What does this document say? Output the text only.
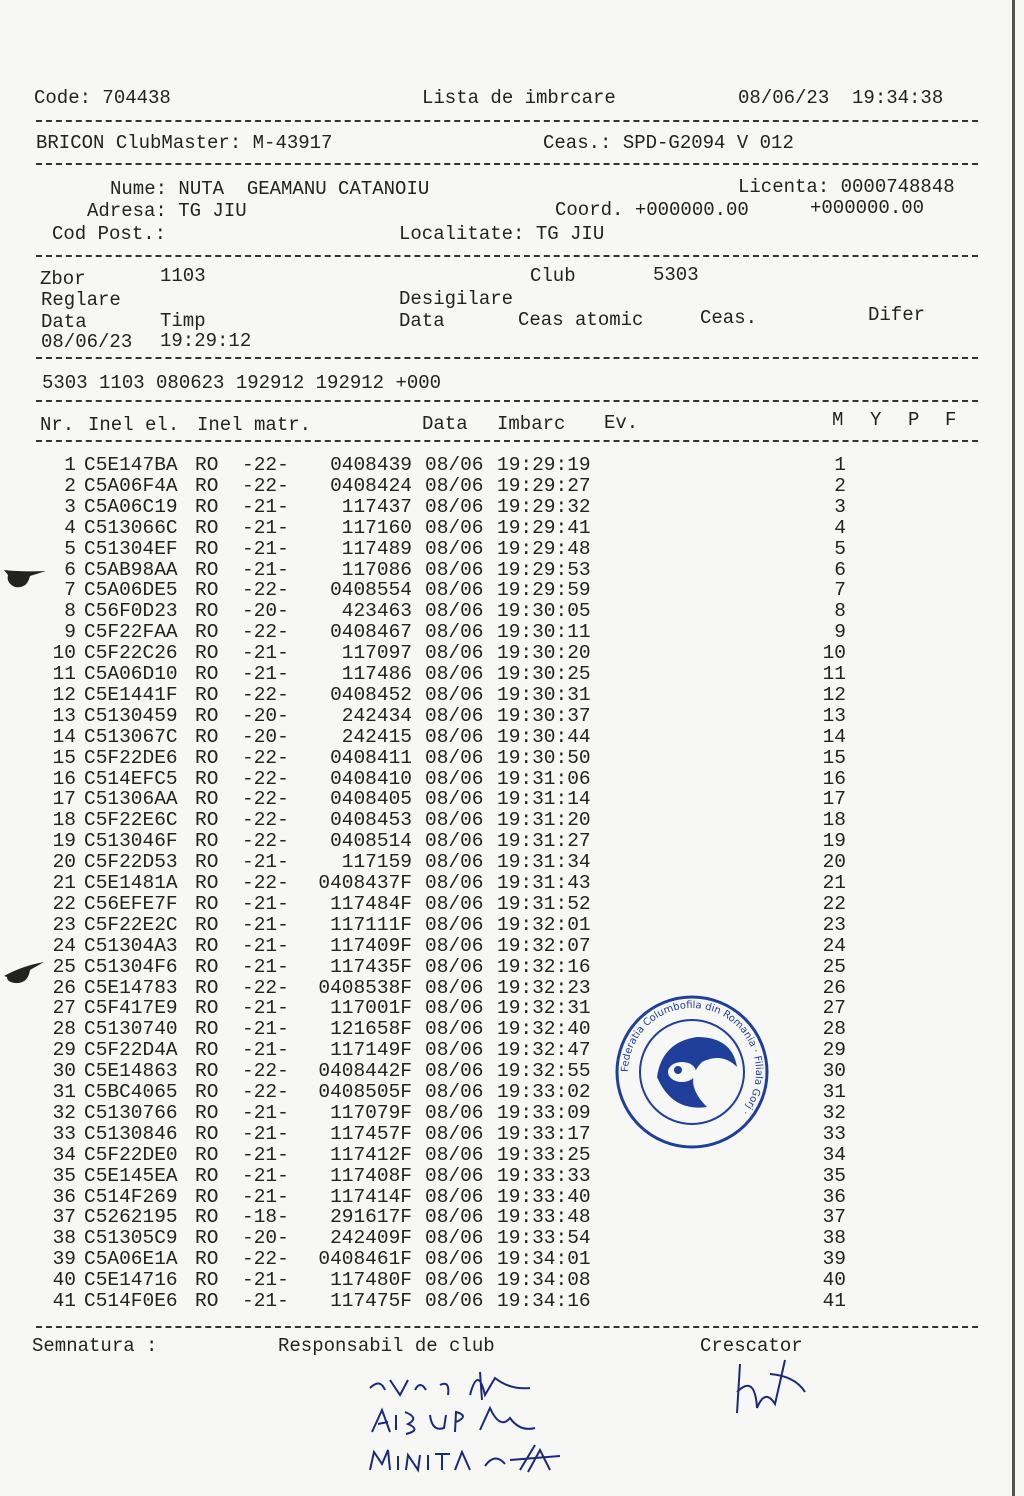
Code: 704438	Lista de imbrcare	08/06/23  19:34:38
BRICON ClubMaster: M-43917	Ceas.: SPD-G2094 V 012
Nume: NUTA  GEAMANU CATANOIU	Licenta: 0000748848
Adresa: TG JIU	Coord. +000000.00	+000000.00
Cod Post.:	Localitate: TG JIU
Zbor	1103	Club	5303
Reglare	Desigilare
Data	Timp	Data	Ceas atomic	Ceas.	Difer
08/06/23 19:29:12
5303 1103 080623 192912 192912 +000
Nr. Inel el. Inel matr.	Data Imbarc Ev.	M Y P F
1 C5E147BA RO -22-	0408439 08/06 19:29:19	1
2 C5A06F4A RO -22-	0408424 08/06 19:29:27	2
3 C5A06C19 RO -21-	117437 08/06 19:29:32	3
4 C513066C RO -21-	117160 08/06 19:29:41	4
5 C51304EF RO -21-	117489 08/06 19:29:48	5
6 C5AB98AA RO -21-	117086 08/06 19:29:53	6
7 C5A06DE5 RO -22-	0408554 08/06 19:29:59	7
8 C56F0D23 RO -20-	423463 08/06 19:30:05	8
9 C5F22FAA RO -22-	0408467 08/06 19:30:11	9
10 C5F22C26 RO -21-	117097 08/06 19:30:20	10
11 C5A06D10 RO -21-	117486 08/06 19:30:25	11
12 C5E1441F RO -22-	0408452 08/06 19:30:31	12
13 C5130459 RO -20-	242434 08/06 19:30:37	13
14 C513067C RO -20-	242415 08/06 19:30:44	14
15 C5F22DE6 RO -22-	0408411 08/06 19:30:50	15
16 C514EFC5 RO -22-	0408410 08/06 19:31:06	16
17 C51306AA RO -22-	0408405 08/06 19:31:14	17
18 C5F22E6C RO -22-	0408453 08/06 19:31:20	18
19 C513046F RO -22-	0408514 08/06 19:31:27	19
20 C5F22D53 RO -21-	117159 08/06 19:31:34	20
21 C5E1481A RO -22-	0408437F 08/06 19:31:43	21
22 C56EFE7F RO -21-	117484F 08/06 19:31:52	22
23 C5F22E2C RO -21-	117111F 08/06 19:32:01	23
24 C51304A3 RO -21-	117409F 08/06 19:32:07	24
25 C51304F6 RO -21-	117435F 08/06 19:32:16	25
26 C5E14783 RO -22-	0408538F 08/06 19:32:23	26
27 C5F417E9 RO -21-	117001F 08/06 19:32:31	27
28 C5130740 RO -21-	121658F 08/06 19:32:40	28
29 C5F22D4A RO -21-	117149F 08/06 19:32:47	29
30 C5E14863 RO -22-	0408442F 08/06 19:32:55	30
31 C5BC4065 RO -22-	0408505F 08/06 19:33:02	31
32 C5130766 RO -21-	117079F 08/06 19:33:09	32
33 C5130846 RO -21-	117457F 08/06 19:33:17	33
34 C5F22DE0 RO -21-	117412F 08/06 19:33:25	34
35 C5E145EA RO -21-	117408F 08/06 19:33:33	35
36 C514F269 RO -21-	117414F 08/06 19:33:40	36
37 C5262195 RO -18-	291617F 08/06 19:33:48	37
38 C51305C9 RO -20-	242409F 08/06 19:33:54	38
39 C5A06E1A RO -22-	0408461F 08/06 19:34:01	39
40 C5E14716 RO -21-	117480F 08/06 19:34:08	40
41 C514F0E6 RO -21-	117475F 08/06 19:34:16	41
Federatia Columbofila din Romania · Filiala Gorj ·
Semnatura :	Responsabil de club	Crescator
